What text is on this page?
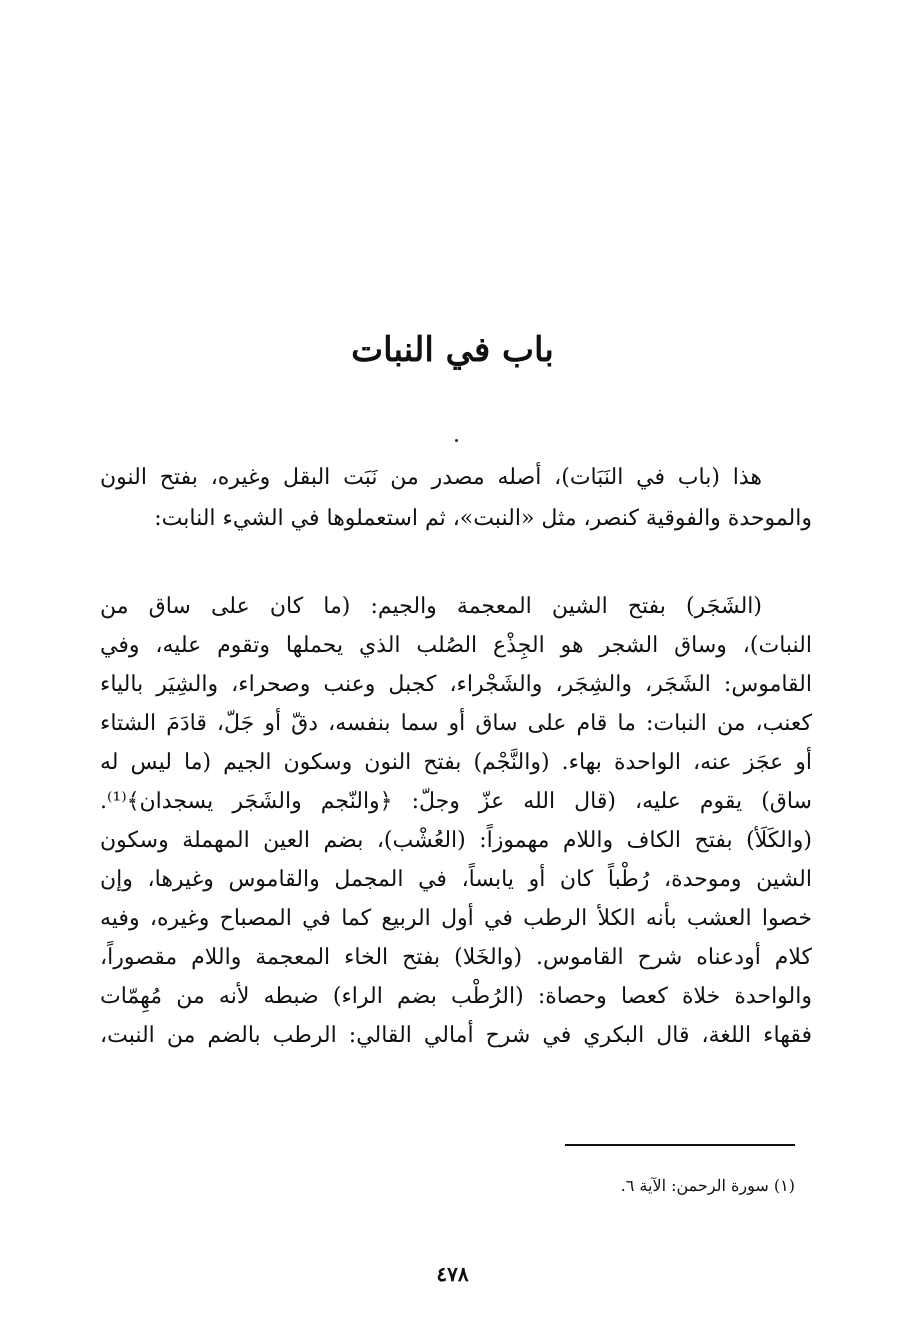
باب في النبات
هذا (باب في النَبَات)، أصله مصدر من نَبَت البقل وغيره، بفتح النون
والموحدة والفوقية كنصر، مثل «النبت»، ثم استعملوها في الشيء النابت:
(الشَجَر) بفتح الشين المعجمة والجيم: (ما كان على ساق من
النبات)، وساق الشجر هو الجِذْع الصُلب الذي يحملها وتقوم عليه، وفي
القاموس: الشَجَر، والشِجَر، والشَجْراء، كجبل وعنب وصحراء، والشِيَر بالياء
كعنب، من النبات: ما قام على ساق أو سما بنفسه، دقّ أو جَلّ، قادَمَ الشتاء
أو عجَز عنه، الواحدة بهاء. (والنَّجْم) بفتح النون وسكون الجيم (ما ليس له
ساق) يقوم عليه، (قال الله عزّ وجلّ: ﴿والنّجم والشَجَر يسجدان﴾⁽¹⁾.
(والكَلَأ) بفتح الكاف واللام مهموزاً: (العُشْب)، بضم العين المهملة وسكون
الشين وموحدة، رُطْباً كان أو يابساً، في المجمل والقاموس وغيرها، وإن
خصوا العشب بأنه الكلأ الرطب في أول الربيع كما في المصباح وغيره، وفيه
كلام أودعناه شرح القاموس. (والخَلا) بفتح الخاء المعجمة واللام مقصوراً،
والواحدة خلاة كعصا وحصاة: (الرُطْب بضم الراء) ضبطه لأنه من مُهِمّات
فقهاء اللغة، قال البكري في شرح أمالي القالي: الرطب بالضم من النبت،
(١) سورة الرحمن: الآية ٦.
٤٧٨
